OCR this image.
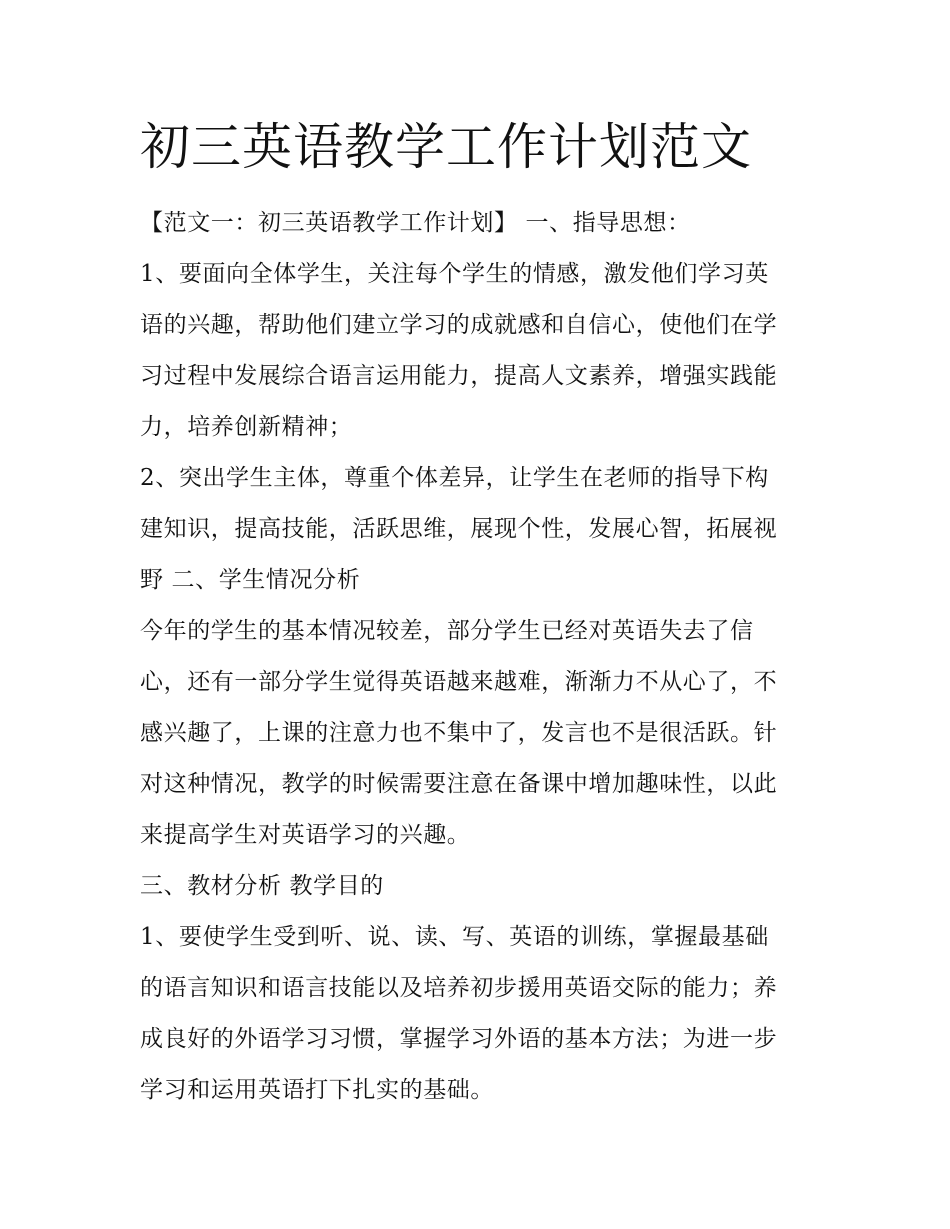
初三英语教学工作计划范文
【范文一：初三英语教学工作计划】 一、指导思想：
1、要面向全体学生，关注每个学生的情感，激发他们学习英
语的兴趣，帮助他们建立学习的成就感和自信心，使他们在学
习过程中发展综合语言运用能力，提高人文素养，增强实践能
力，培养创新精神；
2、突出学生主体，尊重个体差异，让学生在老师的指导下构
建知识，提高技能，活跃思维，展现个性，发展心智，拓展视
野 二、学生情况分析
今年的学生的基本情况较差，部分学生已经对英语失去了信
心，还有一部分学生觉得英语越来越难，渐渐力不从心了，不
感兴趣了，上课的注意力也不集中了，发言也不是很活跃。针
对这种情况，教学的时候需要注意在备课中增加趣味性，以此
来提高学生对英语学习的兴趣。
三、教材分析 教学目的
1、要使学生受到听、说、读、写、英语的训练，掌握最基础
的语言知识和语言技能以及培养初步援用英语交际的能力；养
成良好的外语学习习惯，掌握学习外语的基本方法；为进一步
学习和运用英语打下扎实的基础。
